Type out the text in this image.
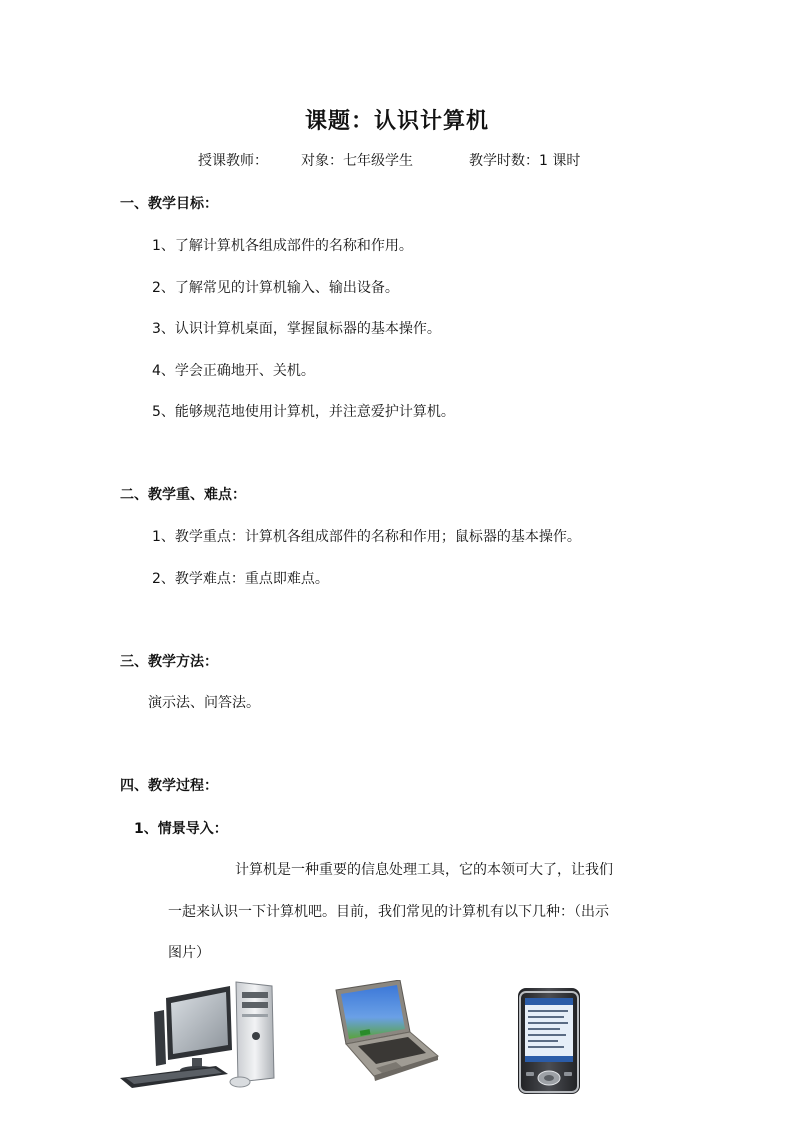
课题：认识计算机
授课教师： 对象：七年级学生	教学时数：1 课时
一、教学目标：
1、了解计算机各组成部件的名称和作用。
2、了解常见的计算机输入、输出设备。
3、认识计算机桌面，掌握鼠标器的基本操作。
4、学会正确地开、关机。
5、能够规范地使用计算机，并注意爱护计算机。
二、教学重、难点：
1、教学重点：计算机各组成部件的名称和作用；鼠标器的基本操作。
2、教学难点：重点即难点。
三、教学方法：
演示法、问答法。
四、教学过程：
1、情景导入：
计算机是一种重要的信息处理工具，它的本领可大了，让我们
一起来认识一下计算机吧。目前，我们常见的计算机有以下几种：（出示
图片）
